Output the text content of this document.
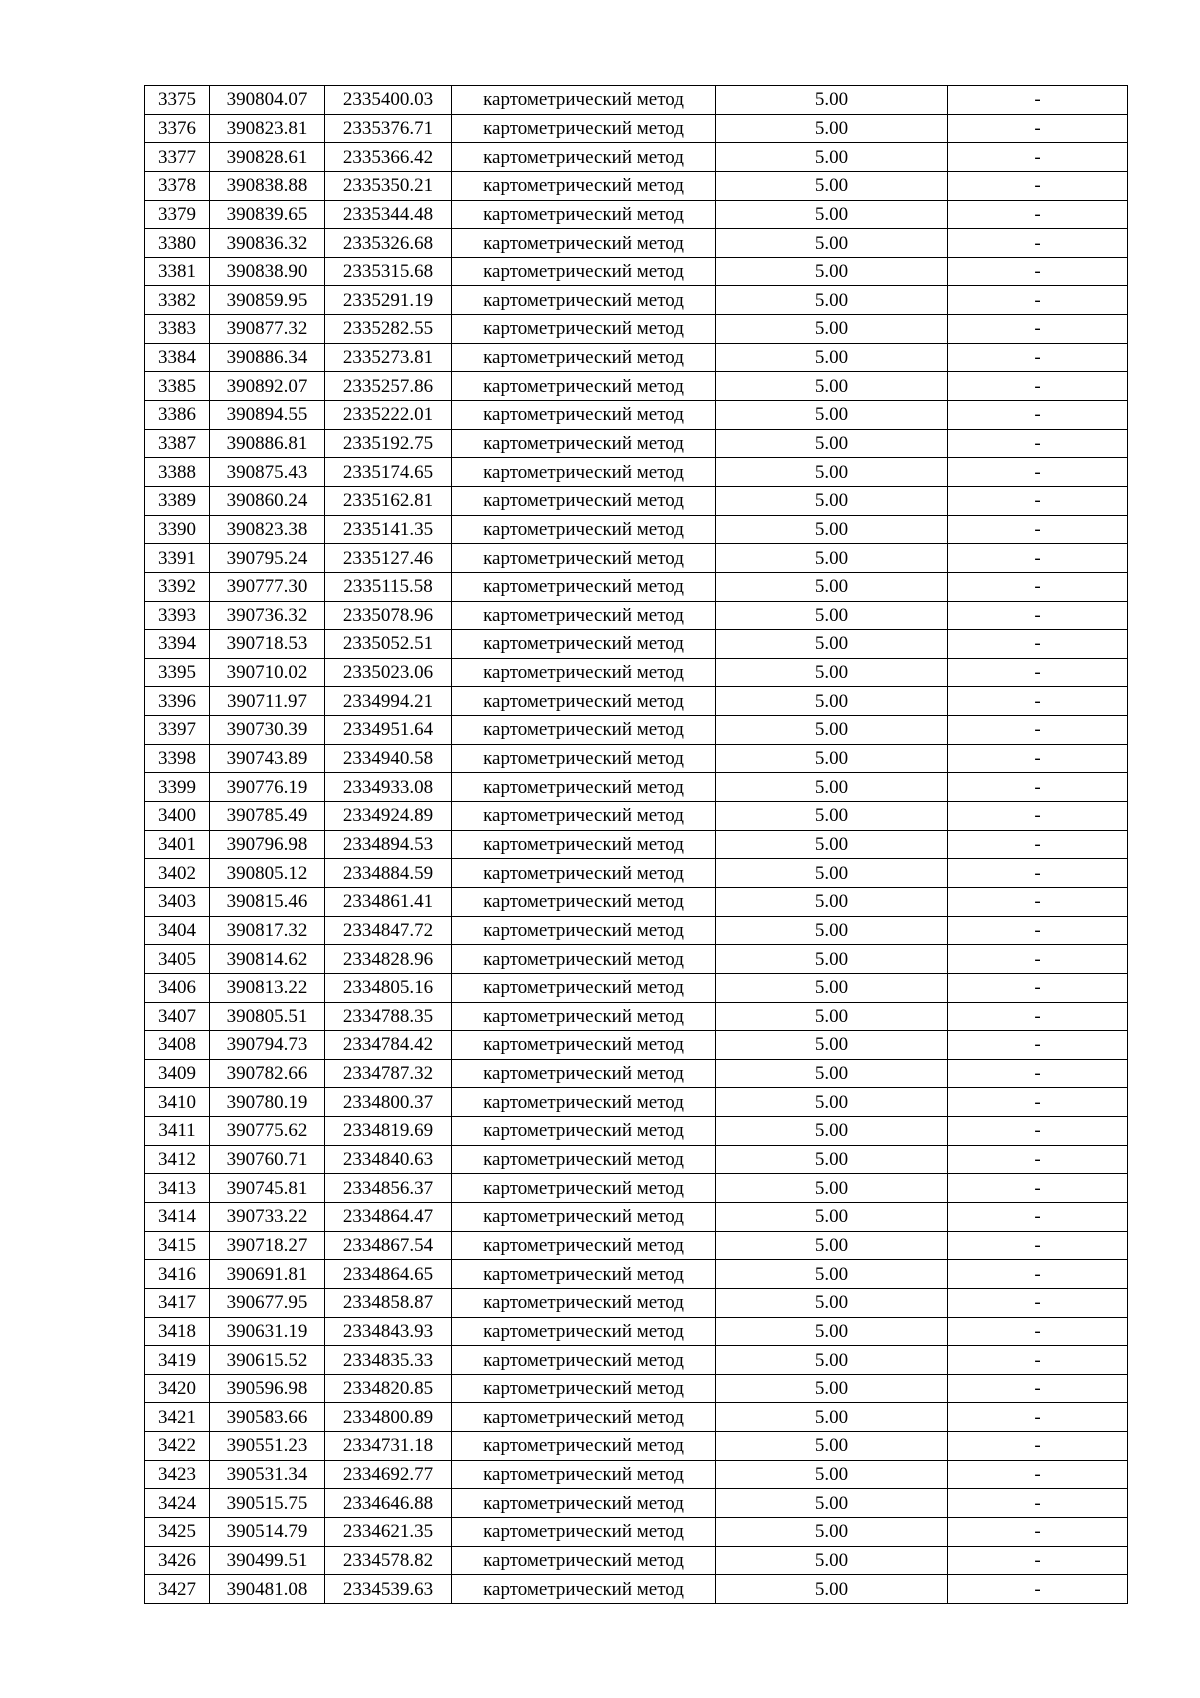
3375	390804.07	2335400.03	картометрический метод	5.00	-
3376	390823.81	2335376.71	картометрический метод	5.00	-
3377	390828.61	2335366.42	картометрический метод	5.00	-
3378	390838.88	2335350.21	картометрический метод	5.00	-
3379	390839.65	2335344.48	картометрический метод	5.00	-
3380	390836.32	2335326.68	картометрический метод	5.00	-
3381	390838.90	2335315.68	картометрический метод	5.00	-
3382	390859.95	2335291.19	картометрический метод	5.00	-
3383	390877.32	2335282.55	картометрический метод	5.00	-
3384	390886.34	2335273.81	картометрический метод	5.00	-
3385	390892.07	2335257.86	картометрический метод	5.00	-
3386	390894.55	2335222.01	картометрический метод	5.00	-
3387	390886.81	2335192.75	картометрический метод	5.00	-
3388	390875.43	2335174.65	картометрический метод	5.00	-
3389	390860.24	2335162.81	картометрический метод	5.00	-
3390	390823.38	2335141.35	картометрический метод	5.00	-
3391	390795.24	2335127.46	картометрический метод	5.00	-
3392	390777.30	2335115.58	картометрический метод	5.00	-
3393	390736.32	2335078.96	картометрический метод	5.00	-
3394	390718.53	2335052.51	картометрический метод	5.00	-
3395	390710.02	2335023.06	картометрический метод	5.00	-
3396	390711.97	2334994.21	картометрический метод	5.00	-
3397	390730.39	2334951.64	картометрический метод	5.00	-
3398	390743.89	2334940.58	картометрический метод	5.00	-
3399	390776.19	2334933.08	картометрический метод	5.00	-
3400	390785.49	2334924.89	картометрический метод	5.00	-
3401	390796.98	2334894.53	картометрический метод	5.00	-
3402	390805.12	2334884.59	картометрический метод	5.00	-
3403	390815.46	2334861.41	картометрический метод	5.00	-
3404	390817.32	2334847.72	картометрический метод	5.00	-
3405	390814.62	2334828.96	картометрический метод	5.00	-
3406	390813.22	2334805.16	картометрический метод	5.00	-
3407	390805.51	2334788.35	картометрический метод	5.00	-
3408	390794.73	2334784.42	картометрический метод	5.00	-
3409	390782.66	2334787.32	картометрический метод	5.00	-
3410	390780.19	2334800.37	картометрический метод	5.00	-
3411	390775.62	2334819.69	картометрический метод	5.00	-
3412	390760.71	2334840.63	картометрический метод	5.00	-
3413	390745.81	2334856.37	картометрический метод	5.00	-
3414	390733.22	2334864.47	картометрический метод	5.00	-
3415	390718.27	2334867.54	картометрический метод	5.00	-
3416	390691.81	2334864.65	картометрический метод	5.00	-
3417	390677.95	2334858.87	картометрический метод	5.00	-
3418	390631.19	2334843.93	картометрический метод	5.00	-
3419	390615.52	2334835.33	картометрический метод	5.00	-
3420	390596.98	2334820.85	картометрический метод	5.00	-
3421	390583.66	2334800.89	картометрический метод	5.00	-
3422	390551.23	2334731.18	картометрический метод	5.00	-
3423	390531.34	2334692.77	картометрический метод	5.00	-
3424	390515.75	2334646.88	картометрический метод	5.00	-
3425	390514.79	2334621.35	картометрический метод	5.00	-
3426	390499.51	2334578.82	картометрический метод	5.00	-
3427	390481.08	2334539.63	картометрический метод	5.00	-
